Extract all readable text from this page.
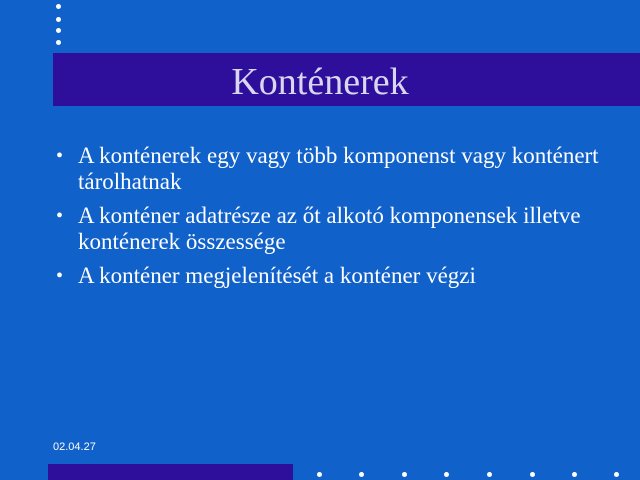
Konténerek
• A konténerek egy vagy több komponenst vagy konténert tárolhatnak
• A konténer adatrésze az őt alkotó komponensek illetve konténerek összessége
• A konténer megjelenítését a konténer végzi
02.04.27
